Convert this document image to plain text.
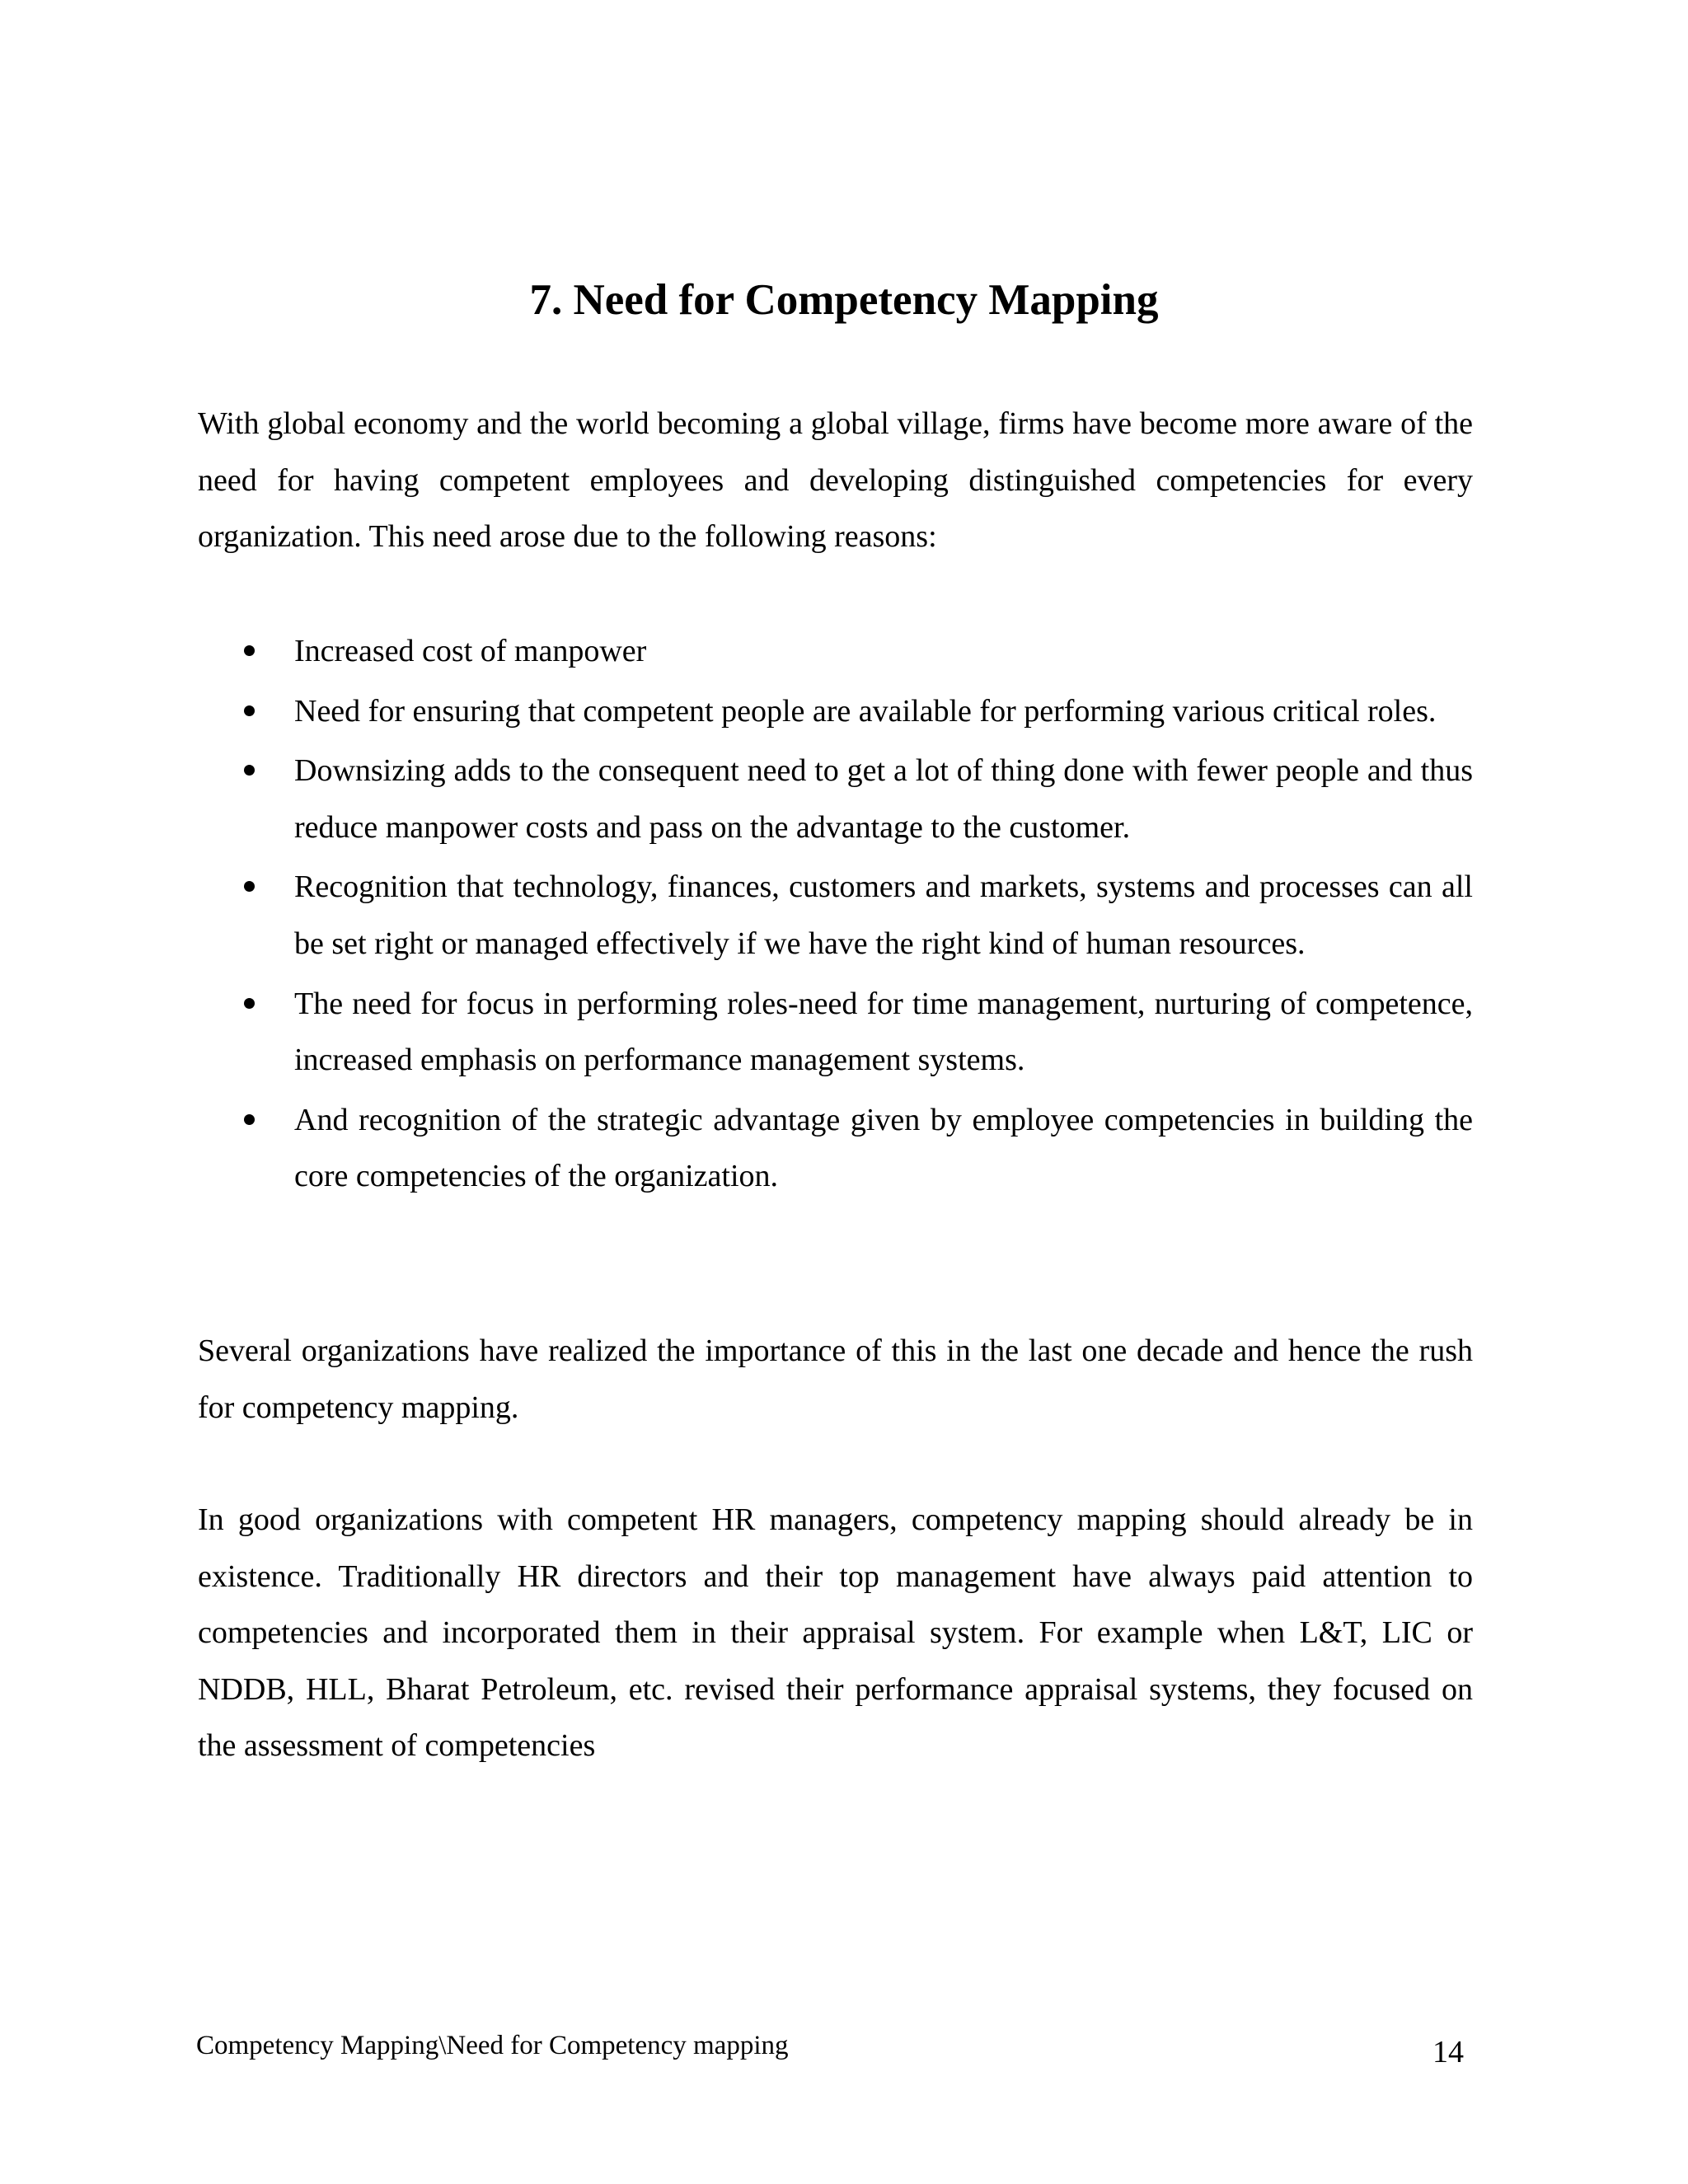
7. Need for Competency Mapping

With global economy and the world becoming a global village, firms have become more aware of the need for having competent employees and developing distinguished competencies for every organization. This need arose due to the following reasons:

Increased cost of manpower
Need for ensuring that competent people are available for performing various critical roles.
Downsizing adds to the consequent need to get a lot of thing done with fewer people and thus reduce manpower costs and pass on the advantage to the customer.
Recognition that technology, finances, customers and markets, systems and processes can all be set right or managed effectively if we have the right kind of human resources.
The need for focus in performing roles-need for time management, nurturing of competence, increased emphasis on performance management systems.
And recognition of the strategic advantage given by employee competencies in building the core competencies of the organization.

Several organizations have realized the importance of this in the last one decade and hence the rush for competency mapping.

In good organizations with competent HR managers, competency mapping should already be in existence. Traditionally HR directors and their top management have always paid attention to competencies and incorporated them in their appraisal system. For example when L&T, LIC or NDDB, HLL, Bharat Petroleum, etc. revised their performance appraisal systems, they focused on the assessment of competencies

Competency Mapping\Need for Competency mapping	14
